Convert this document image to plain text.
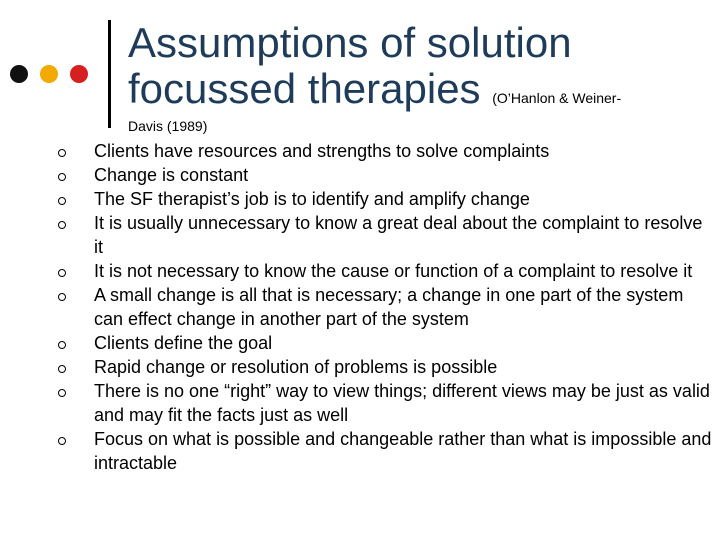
Assumptions of solution
focussed therapies (O’Hanlon & Weiner-
Davis (1989)
Clients have resources and strengths to solve complaints
Change is constant
The SF therapist’s job is to identify and amplify change
It is usually unnecessary to know a great deal about the complaint to resolve it
It is not necessary to know the cause or function of a complaint to resolve it
A small change is all that is necessary; a change in one part of the system can effect change in another part of the system
Clients define the goal
Rapid change or resolution of problems is possible
There is no one “right” way to view things; different views may be just as valid and may fit the facts just as well
Focus on what is possible and changeable rather than what is impossible and intractable
